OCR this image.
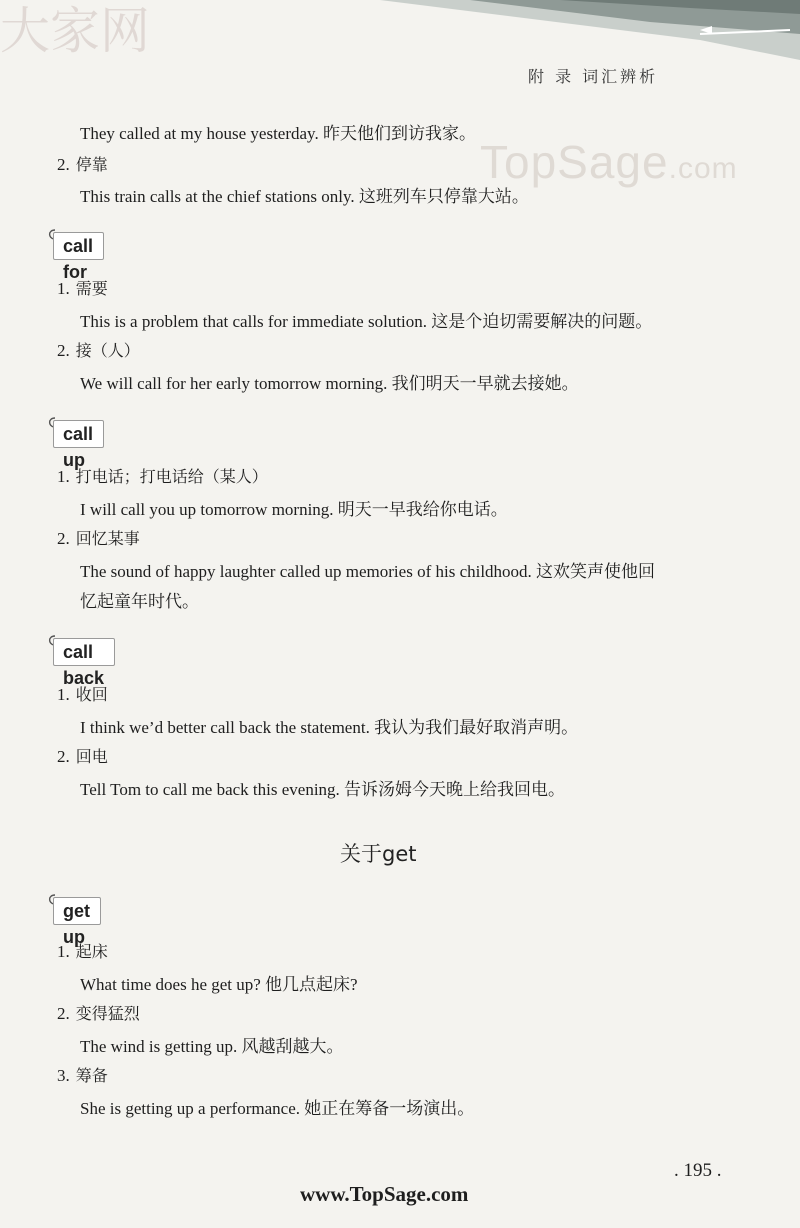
大家网
附 录 词汇辨析
TopSage.com
They called at my house yesterday. 昨天他们到访我家。
2. 停靠
This train calls at the chief stations only. 这班列车只停靠大站。
call for
1. 需要
This is a problem that calls for immediate solution. 这是个迫切需要解决的问题。
2. 接（人）
We will call for her early tomorrow morning. 我们明天一早就去接她。
call up
1. 打电话；打电话给（某人）
I will call you up tomorrow morning. 明天一早我给你电话。
2. 回忆某事
The sound of happy laughter called up memories of his childhood. 这欢笑声使他回
忆起童年时代。
call back
1. 收回
I think we’d better call back the statement. 我认为我们最好取消声明。
2. 回电
Tell Tom to call me back this evening. 告诉汤姆今天晚上给我回电。
关于get
get up
1. 起床
What time does he get up? 他几点起床?
2. 变得猛烈
The wind is getting up. 风越刮越大。
3. 筹备
She is getting up a performance. 她正在筹备一场演出。
. 195 .
www.TopSage.com
